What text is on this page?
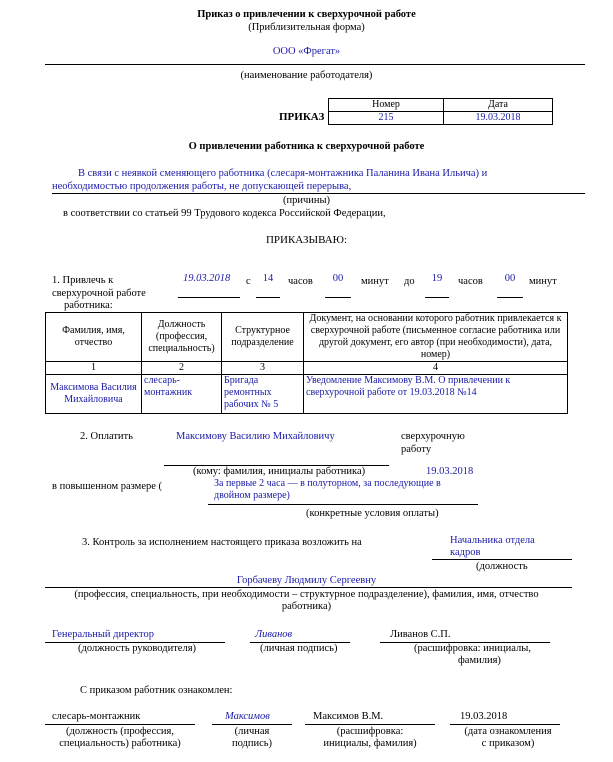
Приказ о привлечении к сверхурочной работе
(Приблизительная форма)
ООО «Фрегат»
(наименование работодателя)
ПРИКАЗ
Номер	Дата
215	19.03.2018
О привлечении работника к сверхурочной работе
В связи с неявкой сменяющего работника (слесаря-монтажника Паланина Ивана Ильича) и
необходимостью продолжения работы, не допускающей перерыва,
(причины)
в соответствии со статьей 99 Трудового кодекса Российской Федерации,
ПРИКАЗЫВАЮ:
1. Привлечь к
сверхурочной работе
работника:
19.03.2018 с	14	часов	00	минут до	19	часов	00	минут
Фамилия, имя, отчество	Должность (профессия, специальность)	Структурное подразделение	Документ, на основании которого работник привлекается к сверхурочной работе (письменное согласие работника или другой документ, его автор (при необходимости), дата, номер)
1	2	3	4
Максимова Василия Михайловича	слесарь-монтажник	Бригада ремонтных рабочих № 5	Уведомление Максимову В.М. О привлечении к сверхурочной работе от 19.03.2018 №14
2. Оплатить	Максимову Василию Михайловичу	сверхурочную
работу
(кому: фамилия, инициалы работника)	19.03.2018
в повышенном размере (	За первые 2 часа — в полуторном, за последующие в
двойном размере)
(конкретные условия оплаты)
3. Контроль за исполнением настоящего приказа возложить на	Начальника отдела
кадров
(должность
Горбачеву Людмилу Сергеевну
(профессия, специальность, при необходимости – структурное подразделение), фамилия, имя, отчество
работника)
Генеральный директор	Ливанов	Ливанов С.П.
(должность руководителя)	(личная подпись)	(расшифровка: инициалы,
фамилия)
С приказом работник ознакомлен:
слесарь-монтажник	Максимов	Максимов В.М.	19.03.2018
(должность (профессия,
специальность) работника)
(личная
подпись)
(расшифровка:
инициалы, фамилия)
(дата ознакомления
с приказом)
